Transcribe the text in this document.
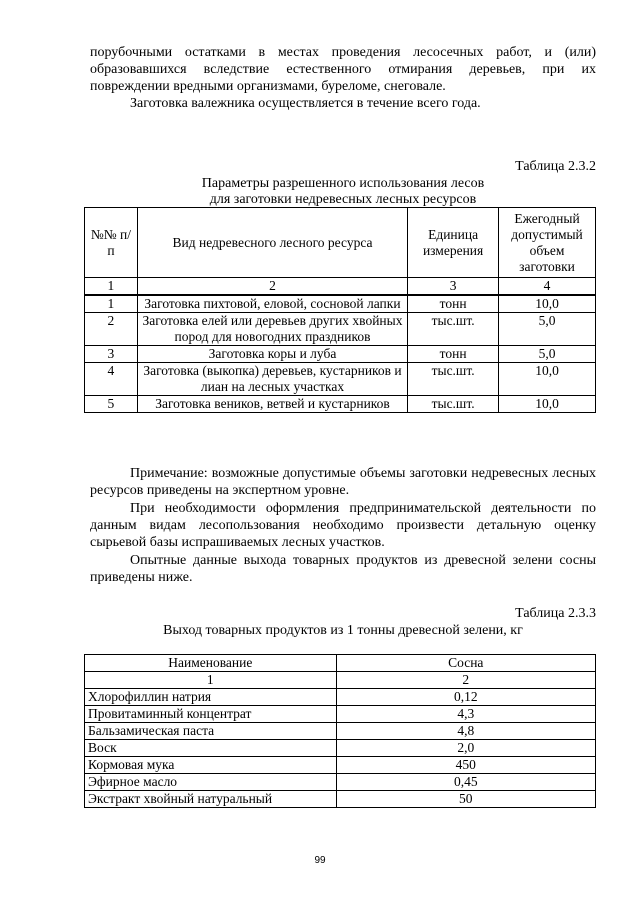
порубочными остатками в местах проведения лесосечных работ, и (или) образовавшихся вследствие естественного отмирания деревьев, при их повреждении вредными организмами, буреломе, снеговале.

Заготовка валежника осуществляется в течение всего года.

Таблица 2.3.2
Параметры разрешенного использования лесов
для заготовки недревесных лесных ресурсов
№№ п/п	Вид недревесного лесного ресурса	Единица измерения	Ежегодный допустимый объем заготовки
1	2	3	4
1	Заготовка пихтовой, еловой, сосновой лапки	тонн	10,0
2	Заготовка елей или деревьев других хвойных пород для новогодних праздников	тыс.шт.	5,0
3	Заготовка коры и луба	тонн	5,0
4	Заготовка (выкопка) деревьев, кустарников и лиан на лесных участках	тыс.шт.	10,0
5	Заготовка веников, ветвей и кустарников	тыс.шт.	10,0

Примечание: возможные допустимые объемы заготовки недревесных лесных ресурсов приведены на экспертном уровне.

При необходимости оформления предпринимательской деятельности по данным видам лесопользования необходимо произвести детальную оценку сырьевой базы испрашиваемых лесных участков.

Опытные данные выхода товарных продуктов из древесной зелени сосны приведены ниже.

Таблица 2.3.3
Выход товарных продуктов из 1 тонны древесной зелени, кг
Наименование	Сосна
1	2
Хлорофиллин натрия	0,12
Провитаминный концентрат	4,3
Бальзамическая паста	4,8
Воск	2,0
Кормовая мука	450
Эфирное масло	0,45
Экстракт хвойный натуральный	50
99
